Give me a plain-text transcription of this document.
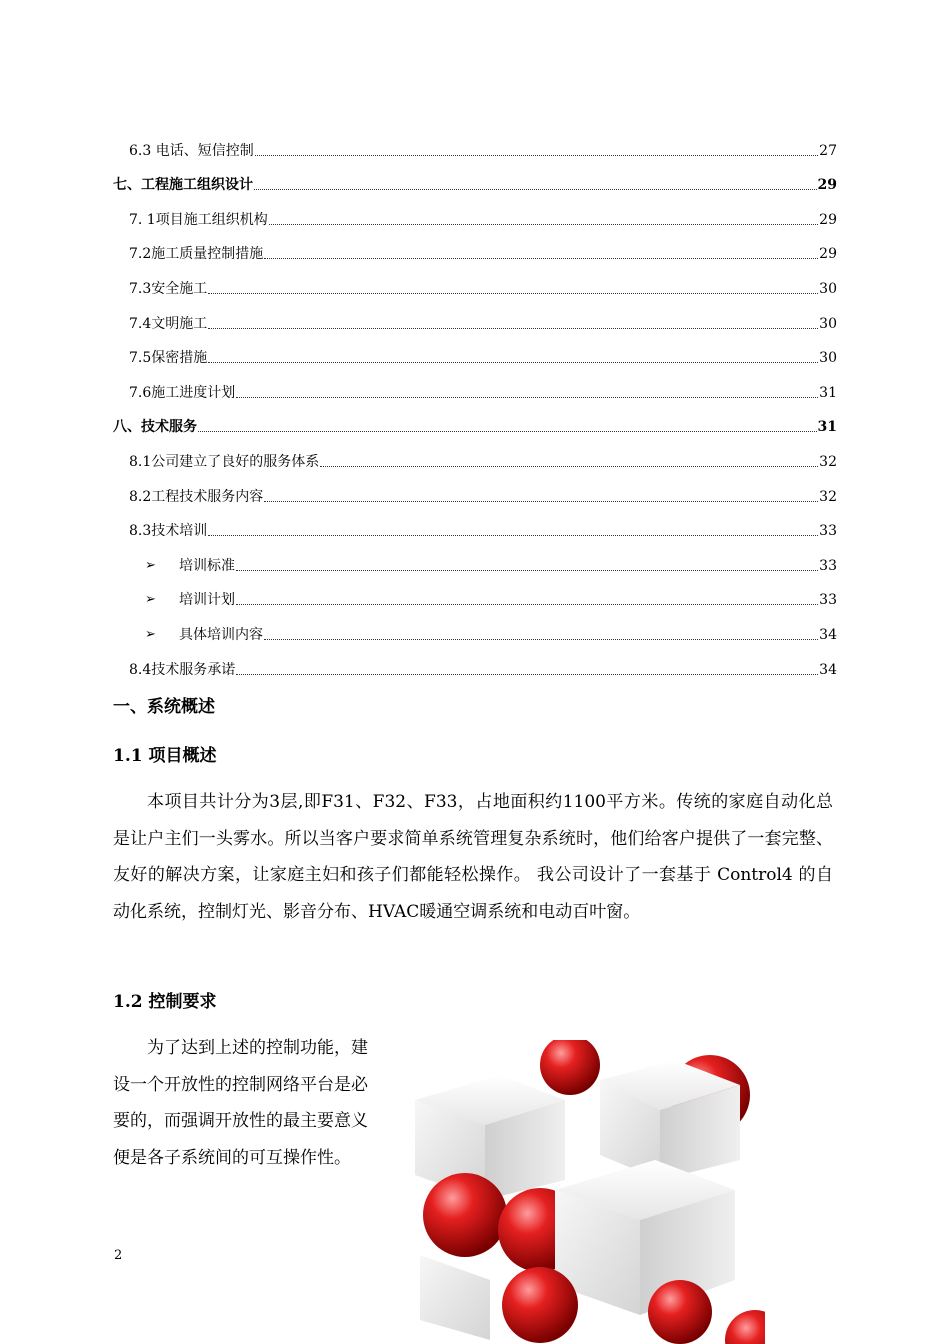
6.3 电话、短信控制	27
七、工程施工组织设计	29
7. 1项目施工组织机构	29
7.2施工质量控制措施	29
7.3安全施工	30
7.4文明施工	30
7.5保密措施	30
7.6施工进度计划	31
八、技术服务	31
8.1公司建立了良好的服务体系	32
8.2工程技术服务内容	32
8.3技术培训	33
➢	培训标准	33
➢	培训计划	33
➢	具体培训内容	34
8.4技术服务承诺	34
一、系统概述
1.1 项目概述

本项目共计分为3层,即F31、F32、F33，占地面积约1100平方米。传统的家庭自动化总是让户主们一头雾水。所以当客户要求简单系统管理复杂系统时，他们给客户提供了一套完整、友好的解决方案，让家庭主妇和孩子们都能轻松操作。 我公司设计了一套基于 Control4 的自动化系统，控制灯光、影音分布、HVAC暖通空调系统和电动百叶窗。

1.2 控制要求

为了达到上述的控制功能，建设一个开放性的控制网络平台是必要的，而强调开放性的最主要意义便是各子系统间的可互操作性。

2
